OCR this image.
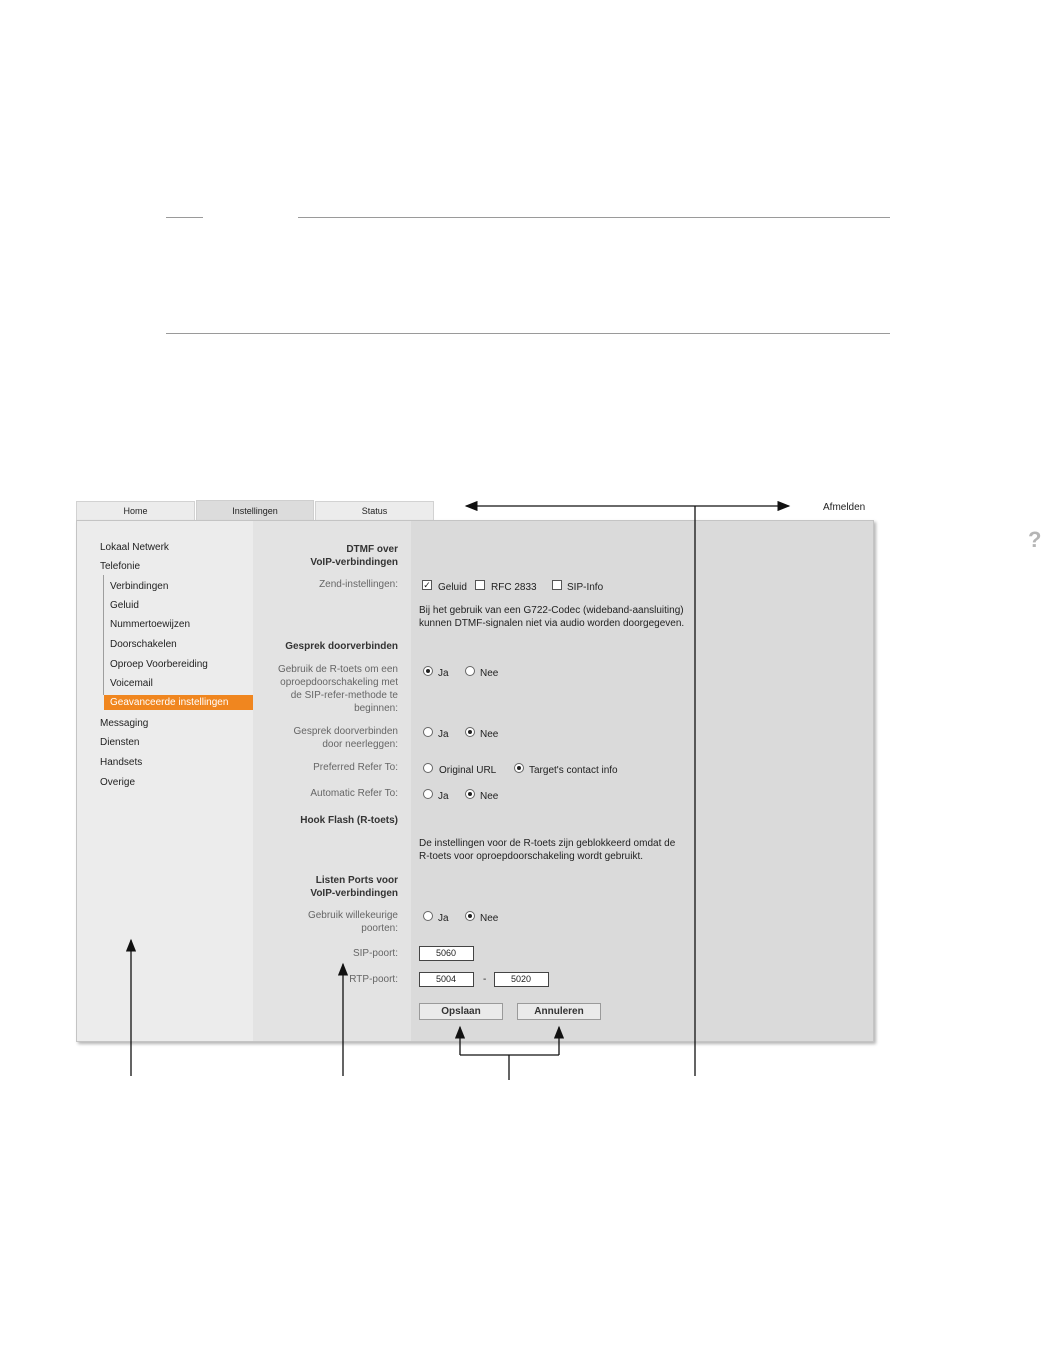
Home	Instellingen	Status	Afmelden
Lokaal Netwerk
Telefonie
Verbindingen
Geluid
Nummertoewijzen
Doorschakelen
Oproep Voorbereiding
Voicemail
Geavanceerde instellingen
Messaging
Diensten
Handsets
Overige
?
DTMF over
VoIP-verbindingen
Zend-instellingen:	✓ Geluid RFC 2833	SIP-Info
Bij het gebruik van een G722-Codec (wideband-aansluiting)
kunnen DTMF-signalen niet via audio worden doorgegeven.
Gesprek doorverbinden
Gebruik de R-toets om een
oproepdoorschakeling met
de SIP-refer-methode te
beginnen:
Ja	Nee
Gesprek doorverbinden
door neerleggen:
Ja	Nee
Preferred Refer To:	Original URL	Target's contact info
Automatic Refer To:	Ja	Nee
Hook Flash (R-toets)
De instellingen voor de R-toets zijn geblokkeerd omdat de
R-toets voor oproepdoorschakeling wordt gebruikt.
Listen Ports voor
VoIP-verbindingen
Gebruik willekeurige
poorten:
Ja	Nee
SIP-poort:	5060
RTP-poort:	5004	-	5020
Opslaan	Annuleren
